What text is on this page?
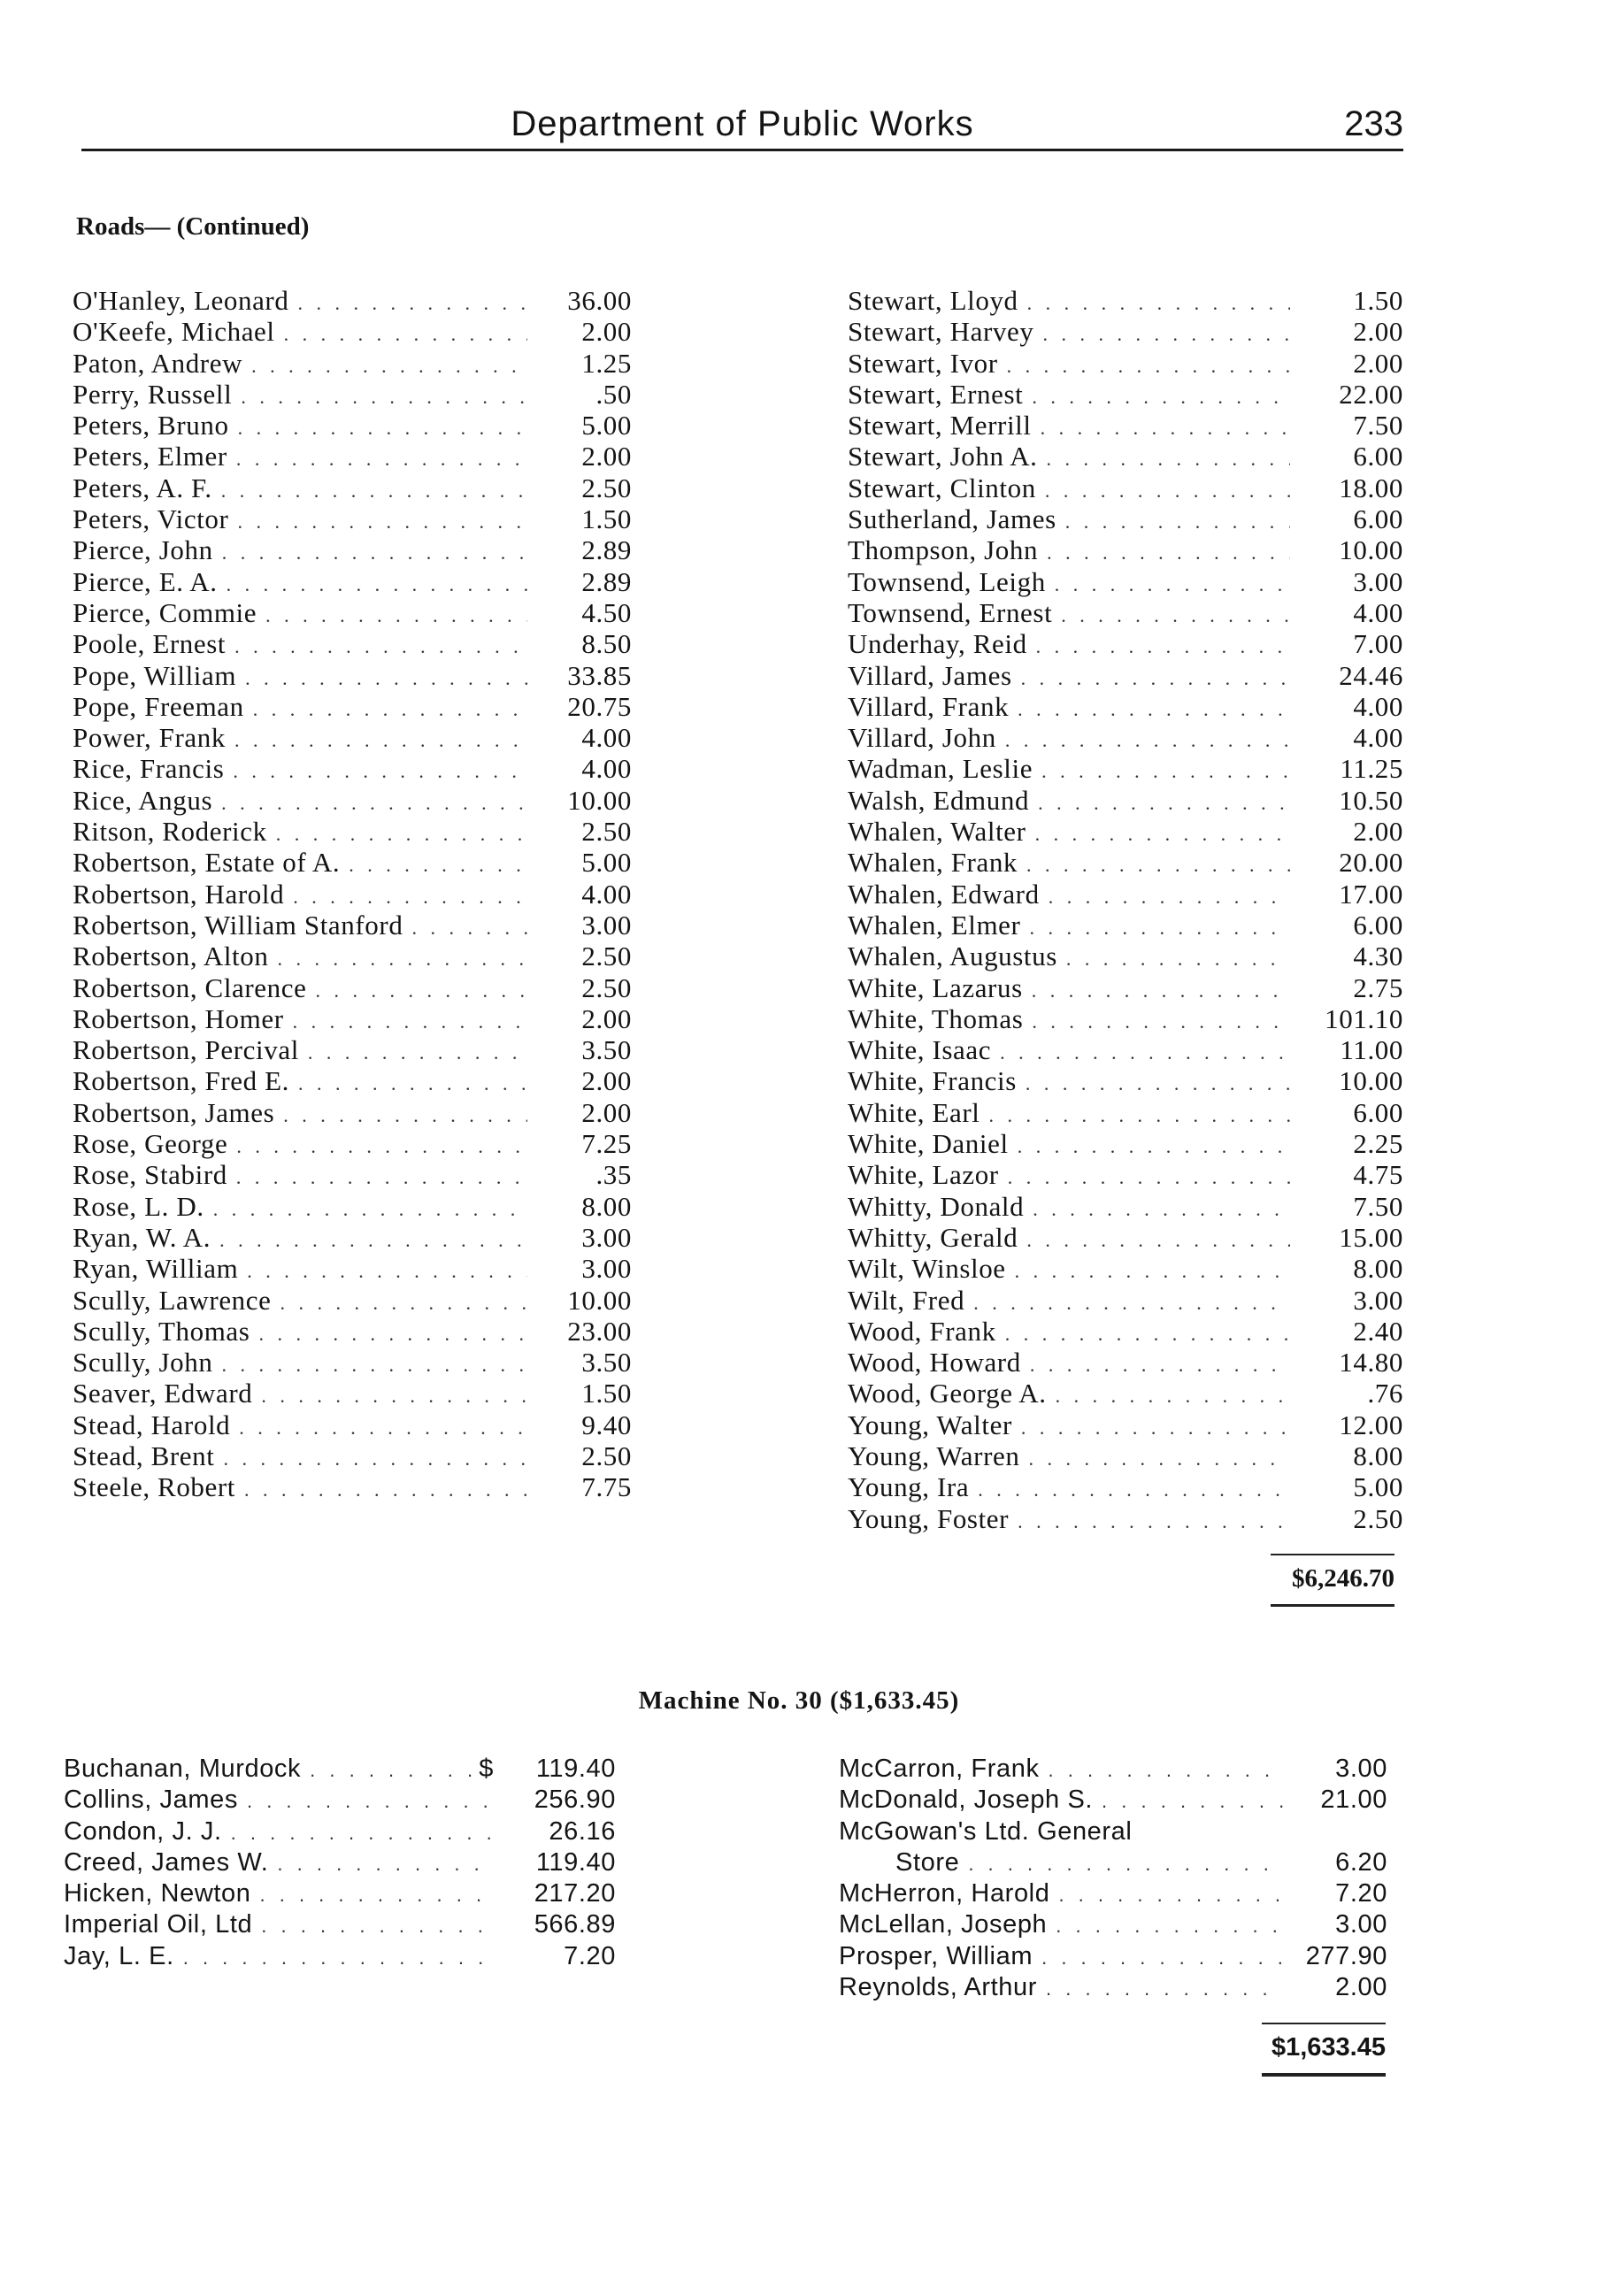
Department of Public Works	233
Roads— (Continued)
O'Hanley, Leonard . . .	36.00
O'Keefe, Michael . . .	2.00
Paton, Andrew . . .	1.25
Perry, Russell . . .	.50
Peters, Bruno . . .	5.00
Peters, Elmer . . .	2.00
Peters, A. F. . . .	2.50
Peters, Victor . . .	1.50
Pierce, John . . .	2.89
Pierce, E. A. . . .	2.89
Pierce, Commie . . .	4.50
Poole, Ernest . . .	8.50
Pope, William . . .	33.85
Pope, Freeman . . .	20.75
Power, Frank . . .	4.00
Rice, Francis . . .	4.00
Rice, Angus . . .	10.00
Ritson, Roderick . . .	2.50
Robertson, Estate of A. . . .	5.00
Robertson, Harold . . .	4.00
Robertson, William Stanford . . .	3.00
Robertson, Alton . . .	2.50
Robertson, Clarence . . .	2.50
Robertson, Homer . . .	2.00
Robertson, Percival . . .	3.50
Robertson, Fred E. . . .	2.00
Robertson, James . . .	2.00
Rose, George . . .	7.25
Rose, Stabird . . .	.35
Rose, L. D. . . .	8.00
Ryan, W. A. . . .	3.00
Ryan, William . . .	3.00
Scully, Lawrence . . .	10.00
Scully, Thomas . . .	23.00
Scully, John . . .	3.50
Seaver, Edward . . .	1.50
Stead, Harold . . .	9.40
Stead, Brent . . .	2.50
Steele, Robert . . .	7.75
Stewart, Lloyd . . .	1.50
Stewart, Harvey . . .	2.00
Stewart, Ivor . . .	2.00
Stewart, Ernest . . .	22.00
Stewart, Merrill . . .	7.50
Stewart, John A. . . .	6.00
Stewart, Clinton . . .	18.00
Sutherland, James . . .	6.00
Thompson, John . . .	10.00
Townsend, Leigh . . .	3.00
Townsend, Ernest . . .	4.00
Underhay, Reid . . .	7.00
Villard, James . . .	24.46
Villard, Frank . . .	4.00
Villard, John . . .	4.00
Wadman, Leslie . . .	11.25
Walsh, Edmund . . .	10.50
Whalen, Walter . . .	2.00
Whalen, Frank . . .	20.00
Whalen, Edward . . .	17.00
Whalen, Elmer . . .	6.00
Whalen, Augustus . . .	4.30
White, Lazarus . . .	2.75
White, Thomas . . .	101.10
White, Isaac . . .	11.00
White, Francis . . .	10.00
White, Earl . . .	6.00
White, Daniel . . .	2.25
White, Lazor . . .	4.75
Whitty, Donald . . .	7.50
Whitty, Gerald . . .	15.00
Wilt, Winsloe . . .	8.00
Wilt, Fred . . .	3.00
Wood, Frank . . .	2.40
Wood, Howard . . .	14.80
Wood, George A. . . .	.76
Young, Walter . . .	12.00
Young, Warren . . .	8.00
Young, Ira . . .	5.00
Young, Foster . . .	2.50
$6,246.70
Machine No. 30 ($1,633.45)
Buchanan, Murdock . . .	$	119.40
Collins, James . . .	256.90
Condon, J. J. . . .	26.16
Creed, James W. . . .	119.40
Hicken, Newton . . .	217.20
Imperial Oil, Ltd . . .	566.89
Jay, L. E. . . .	7.20
McCarron, Frank . . .	3.00
McDonald, Joseph S. . . .	21.00
McGowan's Ltd. General
Store . . .	6.20
McHerron, Harold . . .	7.20
McLellan, Joseph . . .	3.00
Prosper, William . . .	277.90
Reynolds, Arthur . . .	2.00
$1,633.45
